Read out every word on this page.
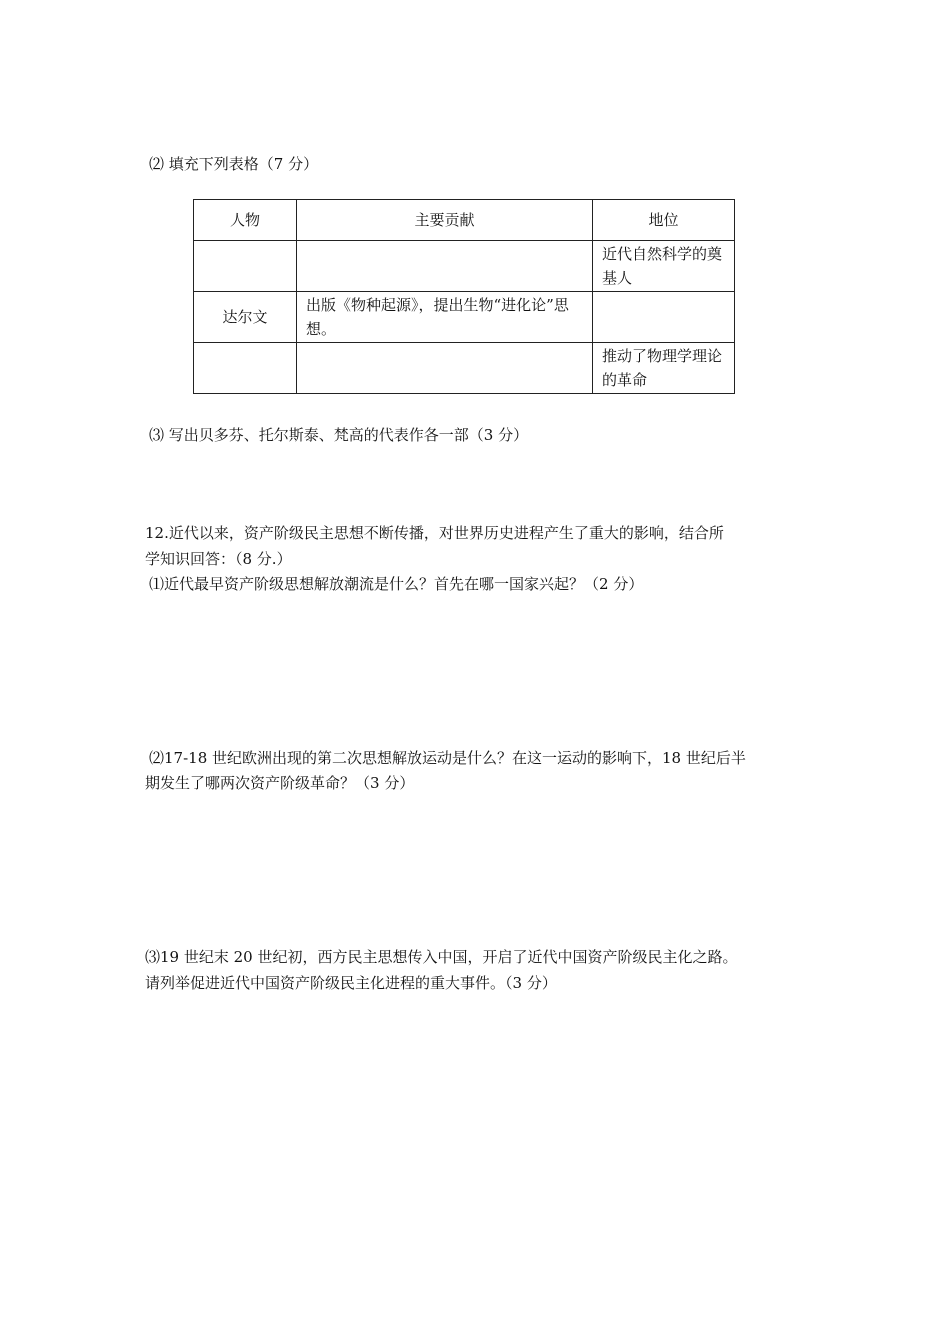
⑵ 填充下列表格（7 分）
人物	主要贡献	地位
		近代自然科学的奠基人
达尔文	出版《物种起源》，提出生物“进化论”思想。	
		推动了物理学理论的革命
⑶ 写出贝多芬、托尔斯泰、梵高的代表作各一部（3 分）
12.近代以来，资产阶级民主思想不断传播，对世界历史进程产生了重大的影响，结合所
学知识回答：（8 分.）
⑴近代最早资产阶级思想解放潮流是什么？首先在哪一国家兴起？（2 分）
⑵17-18 世纪欧洲出现的第二次思想解放运动是什么？在这一运动的影响下，18 世纪后半
期发生了哪两次资产阶级革命？（3 分）
⑶19 世纪末 20 世纪初，西方民主思想传入中国，开启了近代中国资产阶级民主化之路。
请列举促进近代中国资产阶级民主化进程的重大事件。（3 分）
